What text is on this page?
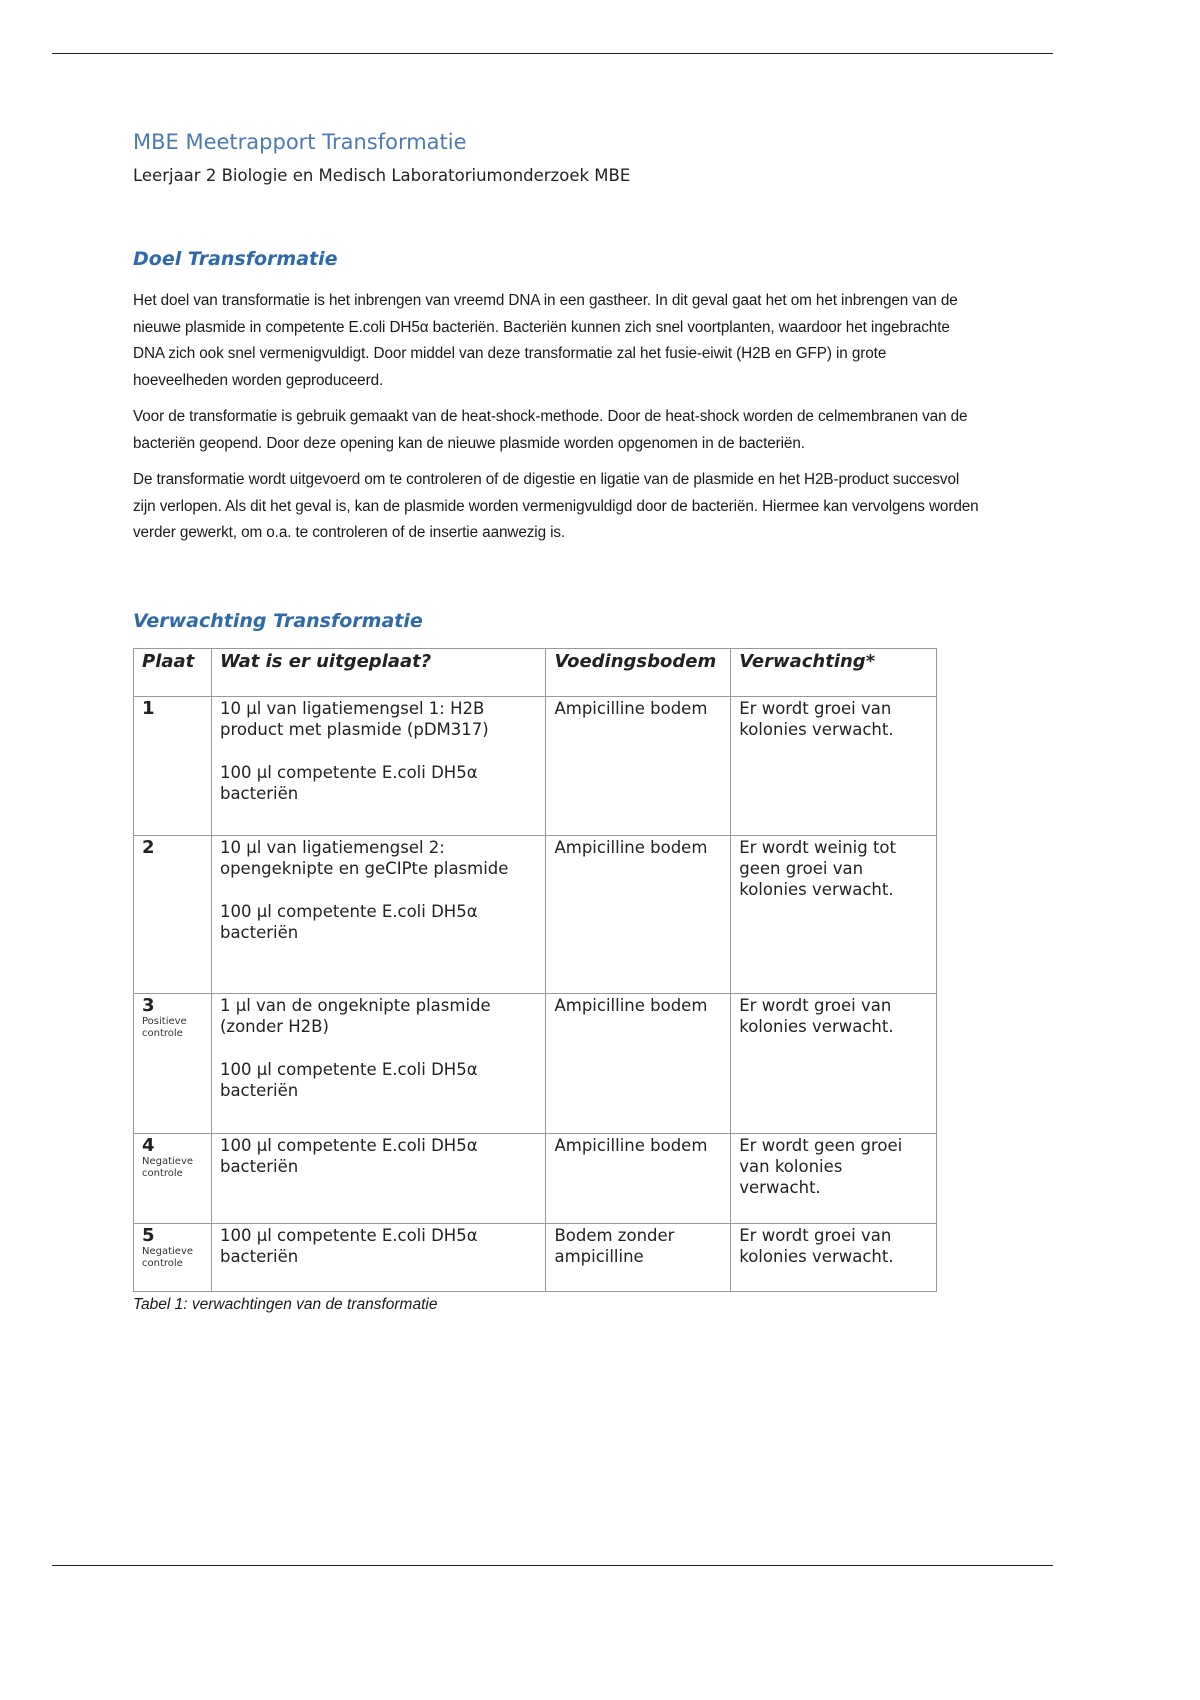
MBE Meetrapport Transformatie
Leerjaar 2 Biologie en Medisch Laboratoriumonderzoek MBE
Doel Transformatie

Het doel van transformatie is het inbrengen van vreemd DNA in een gastheer. In dit geval gaat het om het inbrengen van de nieuwe plasmide in competente E.coli DH5α bacteriën. Bacteriën kunnen zich snel voortplanten, waardoor het ingebrachte DNA zich ook snel vermenigvuldigt. Door middel van deze transformatie zal het fusie-eiwit (H2B en GFP) in grote hoeveelheden worden geproduceerd.

Voor de transformatie is gebruik gemaakt van de heat-shock-methode. Door de heat-shock worden de celmembranen van de bacteriën geopend. Door deze opening kan de nieuwe plasmide worden opgenomen in de bacteriën.

De transformatie wordt uitgevoerd om te controleren of de digestie en ligatie van de plasmide en het H2B-product succesvol zijn verlopen. Als dit het geval is, kan de plasmide worden vermenigvuldigd door de bacteriën. Hiermee kan vervolgens worden verder gewerkt, om o.a. te controleren of de insertie aanwezig is.

Verwachting Transformatie
Plaat	Wat is er uitgeplaat?	Voedingsbodem	Verwachting*

1	10 µl van ligatiemengsel 1: H2B product met plasmide (pDM317)
100 µl competente E.coli DH5α bacteriën	Ampicilline bodem	Er wordt groei van kolonies verwacht.

2	10 µl van ligatiemengsel 2: opengeknipte en geCIPte plasmide
100 µl competente E.coli DH5α bacteriën	Ampicilline bodem	Er wordt weinig tot geen groei van kolonies verwacht.

3
Positieve controle	1 µl van de ongeknipte plasmide (zonder H2B)
100 µl competente E.coli DH5α bacteriën	Ampicilline bodem	Er wordt groei van kolonies verwacht.

4
Negatieve controle	100 µl competente E.coli DH5α bacteriën	Ampicilline bodem	Er wordt geen groei van kolonies verwacht.

5
Negatieve controle	100 µl competente E.coli DH5α bacteriën	Bodem zonder ampicilline	Er wordt groei van kolonies verwacht.
Tabel 1: verwachtingen van de transformatie
